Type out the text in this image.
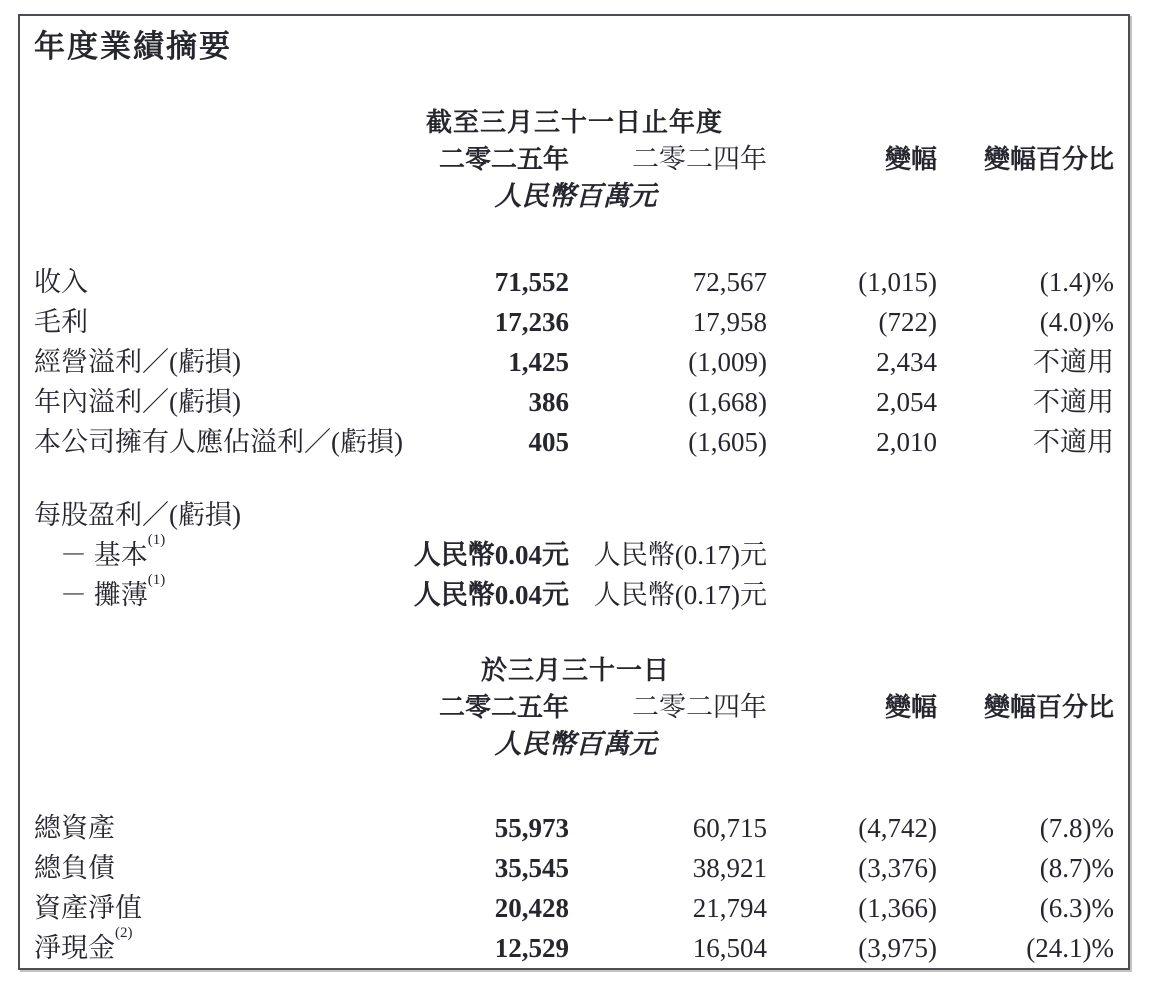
年度業績摘要
	截至三月三十一日止年度			
	二零二五年	二零二四年	變幅	變幅百分比
	人民幣百萬元			

收入	71,552	72,567	(1,015)	(1.4)%
毛利	17,236	17,958	(722)	(4.0)%
經營溢利／(虧損)	1,425	(1,009)	2,434	不適用
年內溢利／(虧損)	386	(1,668)	2,054	不適用
本公司擁有人應佔溢利／(虧損)	405	(1,605)	2,010	不適用

每股盈利／(虧損)				
－ 基本$^{(1)}$	人民幣0.04元	人民幣(0.17)元		
－ 攤薄$^{(1)}$	人民幣0.04元	人民幣(0.17)元		

	於三月三十一日			
	二零二五年	二零二四年	變幅	變幅百分比
	人民幣百萬元			

總資產	55,973	60,715	(4,742)	(7.8)%
總負債	35,545	38,921	(3,376)	(8.7)%
資產淨值	20,428	21,794	(1,366)	(6.3)%
淨現金$^{(2)}$	12,529	16,504	(3,975)	(24.1)%
